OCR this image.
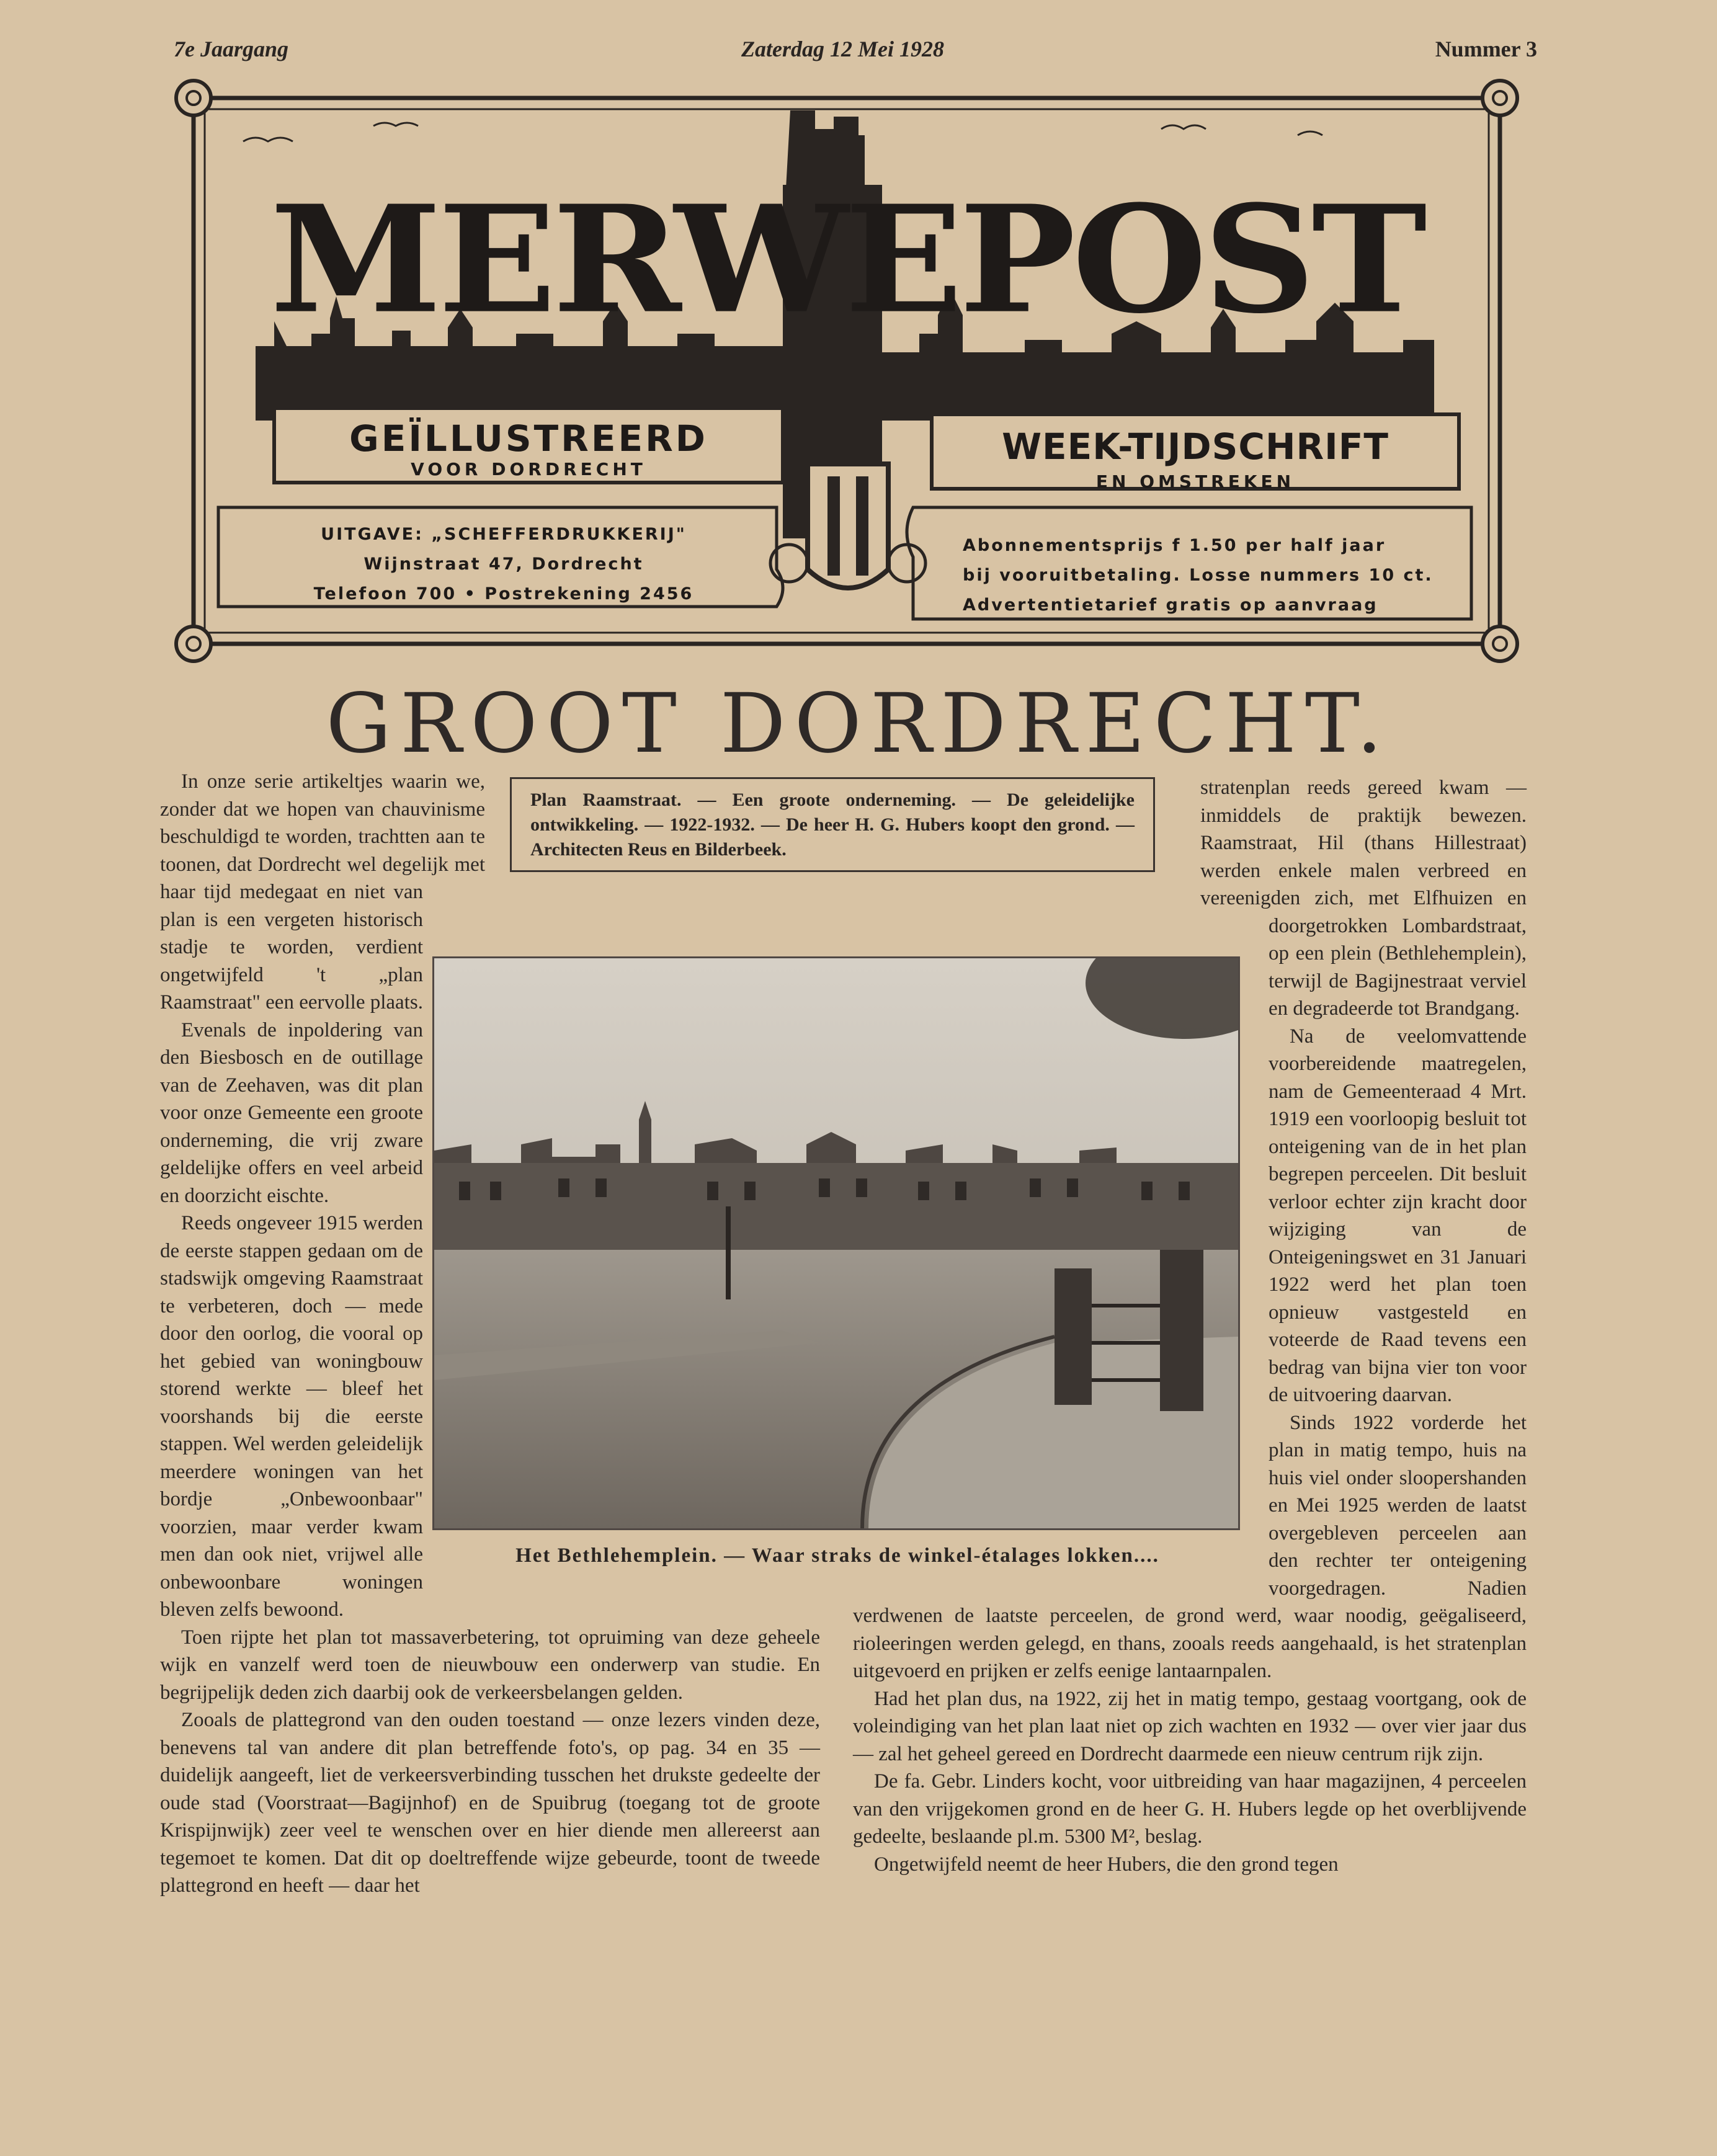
7e Jaargang	Zaterdag 12 Mei 1928	Nummer 3
MERWEPOST
GEÏLLUSTREERD
VOOR DORDRECHT
WEEK-TIJDSCHRIFT
EN OMSTREKEN
UITGAVE: „SCHEFFERDRUKKERIJ"
Wijnstraat 47, Dordrecht
Telefoon 700 • Postrekening 2456
Abonnementsprijs f 1.50 per half jaar
bij vooruitbetaling. Losse nummers 10 ct.
Advertentietarief gratis op aanvraag
GROOT DORDRECHT.
Plan Raamstraat. — Een groote onderneming. — De geleidelijke ontwikkeling. — 1922-1932. — De heer H. G. Hubers koopt den grond. — Architecten Reus en Bilderbeek.

In onze serie artikeltjes waarin we, zonder dat we hopen van chauvinisme beschuldigd te worden, trachtten aan te toonen, dat Dordrecht wel degelijk met haar tijd medegaat en niet van plan is een vergeten historisch stadje te worden, verdient ongetwijfeld 't „plan Raamstraat" een eervolle plaats.

Evenals de inpoldering van den Biesbosch en de outillage van de Zeehaven, was dit plan voor onze Gemeente een groote onderneming, die vrij zware geldelijke offers en veel arbeid en doorzicht eischte.

Reeds ongeveer 1915 werden de eerste stappen gedaan om de stadswijk omgeving Raamstraat te verbeteren, doch — mede door den oorlog, die vooral op het gebied van woningbouw storend werkte — bleef het voorshands bij die eerste stappen. Wel werden geleidelijk meerdere woningen van het bordje „Onbewoonbaar" voorzien, maar verder kwam men dan ook niet, vrijwel alle onbewoonbare woningen bleven zelfs bewoond.

Toen rijpte het plan tot massaverbetering, tot opruiming van deze geheele wijk en vanzelf werd toen de nieuwbouw een onderwerp van studie. En begrijpelijk deden zich daarbij ook de verkeersbelangen gelden.

Zooals de plattegrond van den ouden toestand — onze lezers vinden deze, benevens tal van andere dit plan betreffende foto's, op pag. 34 en 35 — duidelijk aangeeft, liet de verkeersverbinding tusschen het drukste gedeelte der oude stad (Voorstraat—Bagijnhof) en de Spuibrug (toegang tot de groote Krispijnwijk) zeer veel te wenschen over en hier diende men allereerst aan tegemoet te komen. Dat dit op doeltreffende wijze gebeurde, toont de tweede plattegrond en heeft — daar het

stratenplan reeds gereed kwam — inmiddels de praktijk bewezen. Raamstraat, Hil (thans Hillestraat) werden enkele malen verbreed en vereenigden zich, met Elfhuizen en doorgetrokken Lombardstraat, op een plein (Bethlehemplein), terwijl de Bagijnestraat verviel en degradeerde tot Brandgang.

Na de veelomvattende voorbereidende maatregelen, nam de Gemeenteraad 4 Mrt. 1919 een voorloopig besluit tot onteigening van de in het plan begrepen perceelen. Dit besluit verloor echter zijn kracht door wijziging van de Onteigeningswet en 31 Januari 1922 werd het plan toen opnieuw vastgesteld en voteerde de Raad tevens een bedrag van bijna vier ton voor de uitvoering daarvan.

Sinds 1922 vorderde het plan in matig tempo, huis na huis viel onder sloopershanden en Mei 1925 werden de laatst overgebleven perceelen aan den rechter ter onteigening voorgedragen. Nadien verdwenen de laatste perceelen, de grond werd, waar noodig, geëgaliseerd, rioleeringen werden gelegd, en thans, zooals reeds aangehaald, is het stratenplan uitgevoerd en prijken er zelfs eenige lantaarnpalen.

Had het plan dus, na 1922, zij het in matig tempo, gestaag voortgang, ook de voleindiging van het plan laat niet op zich wachten en 1932 — over vier jaar dus — zal het geheel gereed en Dordrecht daarmede een nieuw centrum rijk zijn.

De fa. Gebr. Linders kocht, voor uitbreiding van haar magazijnen, 4 perceelen van den vrijgekomen grond en de heer G. H. Hubers legde op het overblijvende gedeelte, beslaande pl.m. 5300 M², beslag.

Ongetwijfeld neemt de heer Hubers, die den grond tegen

Het Bethlehemplein. — Waar straks de winkel-étalages lokken....
